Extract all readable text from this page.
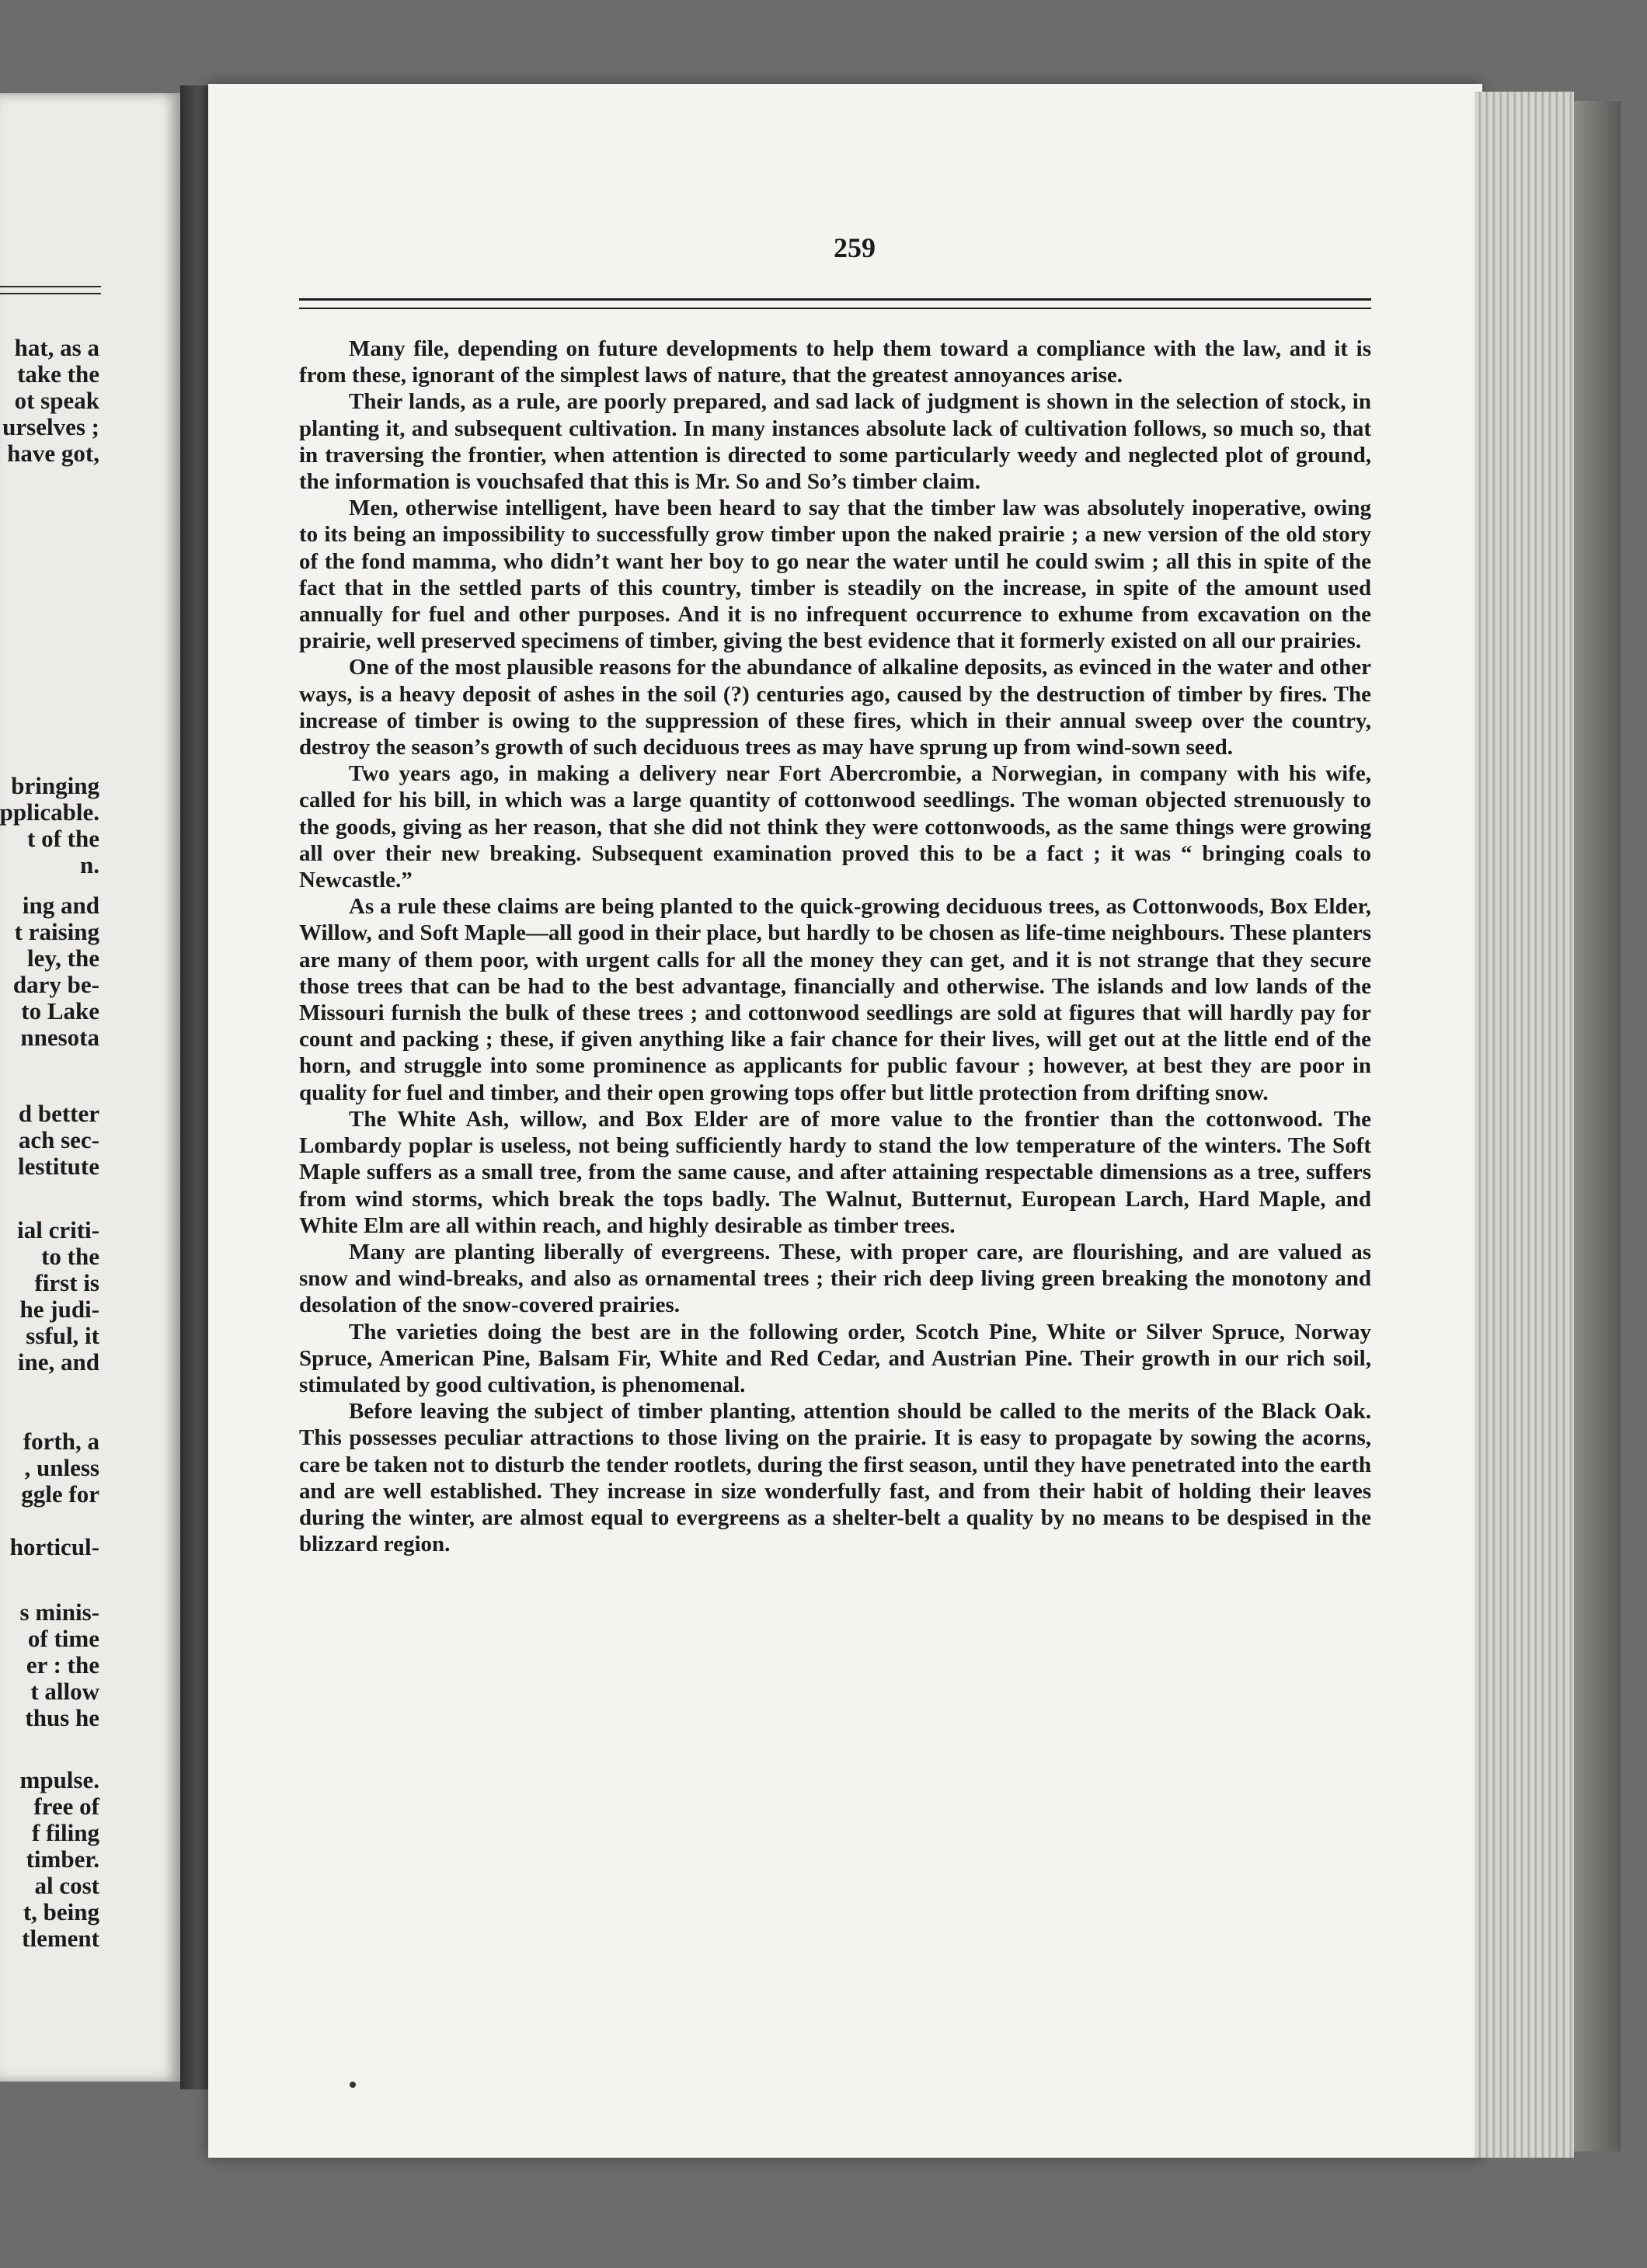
hat, as a
take the
ot speak
urselves ;
have got,
bringing
pplicable.
t of the
n.
ing and
t raising
ley, the
dary be-
to Lake
nnesota
d better
ach sec-
lestitute
ial criti-
to the
first is
he judi-
ssful, it
ine, and
forth, a
, unless
ggle for
horticul-
s minis-
of time
er : the
t allow
thus he
mpulse.
free of
f filing
timber.
al cost
t, being
tlement
259

Many file, depending on future developments to help them toward a compliance with the law, and it is from these, ignorant of the simplest laws of nature, that the greatest annoyances arise.

Their lands, as a rule, are poorly prepared, and sad lack of judgment is shown in the selection of stock, in planting it, and subsequent cultivation. In many instances absolute lack of cultivation follows, so much so, that in traversing the frontier, when attention is directed to some particularly weedy and neglected plot of ground, the information is vouchsafed that this is Mr. So and So’s timber claim.

Men, otherwise intelligent, have been heard to say that the timber law was absolutely inoperative, owing to its being an impossibility to successfully grow timber upon the naked prairie ; a new version of the old story of the fond mamma, who didn’t want her boy to go near the water until he could swim ; all this in spite of the fact that in the settled parts of this country, timber is steadily on the increase, in spite of the amount used annually for fuel and other purposes. And it is no infrequent occurrence to exhume from excavation on the prairie, well preserved specimens of timber, giving the best evidence that it formerly existed on all our prairies.

One of the most plausible reasons for the abundance of alkaline deposits, as evinced in the water and other ways, is a heavy deposit of ashes in the soil (?) centuries ago, caused by the destruction of timber by fires. The increase of timber is owing to the suppression of these fires, which in their annual sweep over the country, destroy the season’s growth of such deciduous trees as may have sprung up from wind-sown seed.

Two years ago, in making a delivery near Fort Abercrombie, a Norwegian, in company with his wife, called for his bill, in which was a large quantity of cottonwood seedlings. The woman objected strenuously to the goods, giving as her reason, that she did not think they were cottonwoods, as the same things were growing all over their new breaking. Subsequent examination proved this to be a fact ; it was “ bringing coals to Newcastle.”

As a rule these claims are being planted to the quick-growing deciduous trees, as Cottonwoods, Box Elder, Willow, and Soft Maple—all good in their place, but hardly to be chosen as life-time neighbours. These planters are many of them poor, with urgent calls for all the money they can get, and it is not strange that they secure those trees that can be had to the best advantage, financially and otherwise. The islands and low lands of the Missouri furnish the bulk of these trees ; and cottonwood seedlings are sold at figures that will hardly pay for count and packing ; these, if given anything like a fair chance for their lives, will get out at the little end of the horn, and struggle into some prominence as applicants for public favour ; however, at best they are poor in quality for fuel and timber, and their open growing tops offer but little protection from drifting snow.

The White Ash, willow, and Box Elder are of more value to the frontier than the cottonwood. The Lombardy poplar is useless, not being sufficiently hardy to stand the low temperature of the winters. The Soft Maple suffers as a small tree, from the same cause, and after attaining respectable dimensions as a tree, suffers from wind storms, which break the tops badly. The Walnut, Butternut, European Larch, Hard Maple, and White Elm are all within reach, and highly desirable as timber trees.

Many are planting liberally of evergreens. These, with proper care, are flourishing, and are valued as snow and wind-breaks, and also as ornamental trees ; their rich deep living green breaking the monotony and desolation of the snow-covered prairies.

The varieties doing the best are in the following order, Scotch Pine, White or Silver Spruce, Norway Spruce, American Pine, Balsam Fir, White and Red Cedar, and Austrian Pine. Their growth in our rich soil, stimulated by good cultivation, is phenomenal.

Before leaving the subject of timber planting, attention should be called to the merits of the Black Oak. This possesses peculiar attractions to those living on the prairie. It is easy to propagate by sowing the acorns, care be taken not to disturb the tender rootlets, during the first season, until they have penetrated into the earth and are well established. They increase in size wonderfully fast, and from their habit of holding their leaves during the winter, are almost equal to evergreens as a shelter-belt a quality by no means to be despised in the blizzard region.
